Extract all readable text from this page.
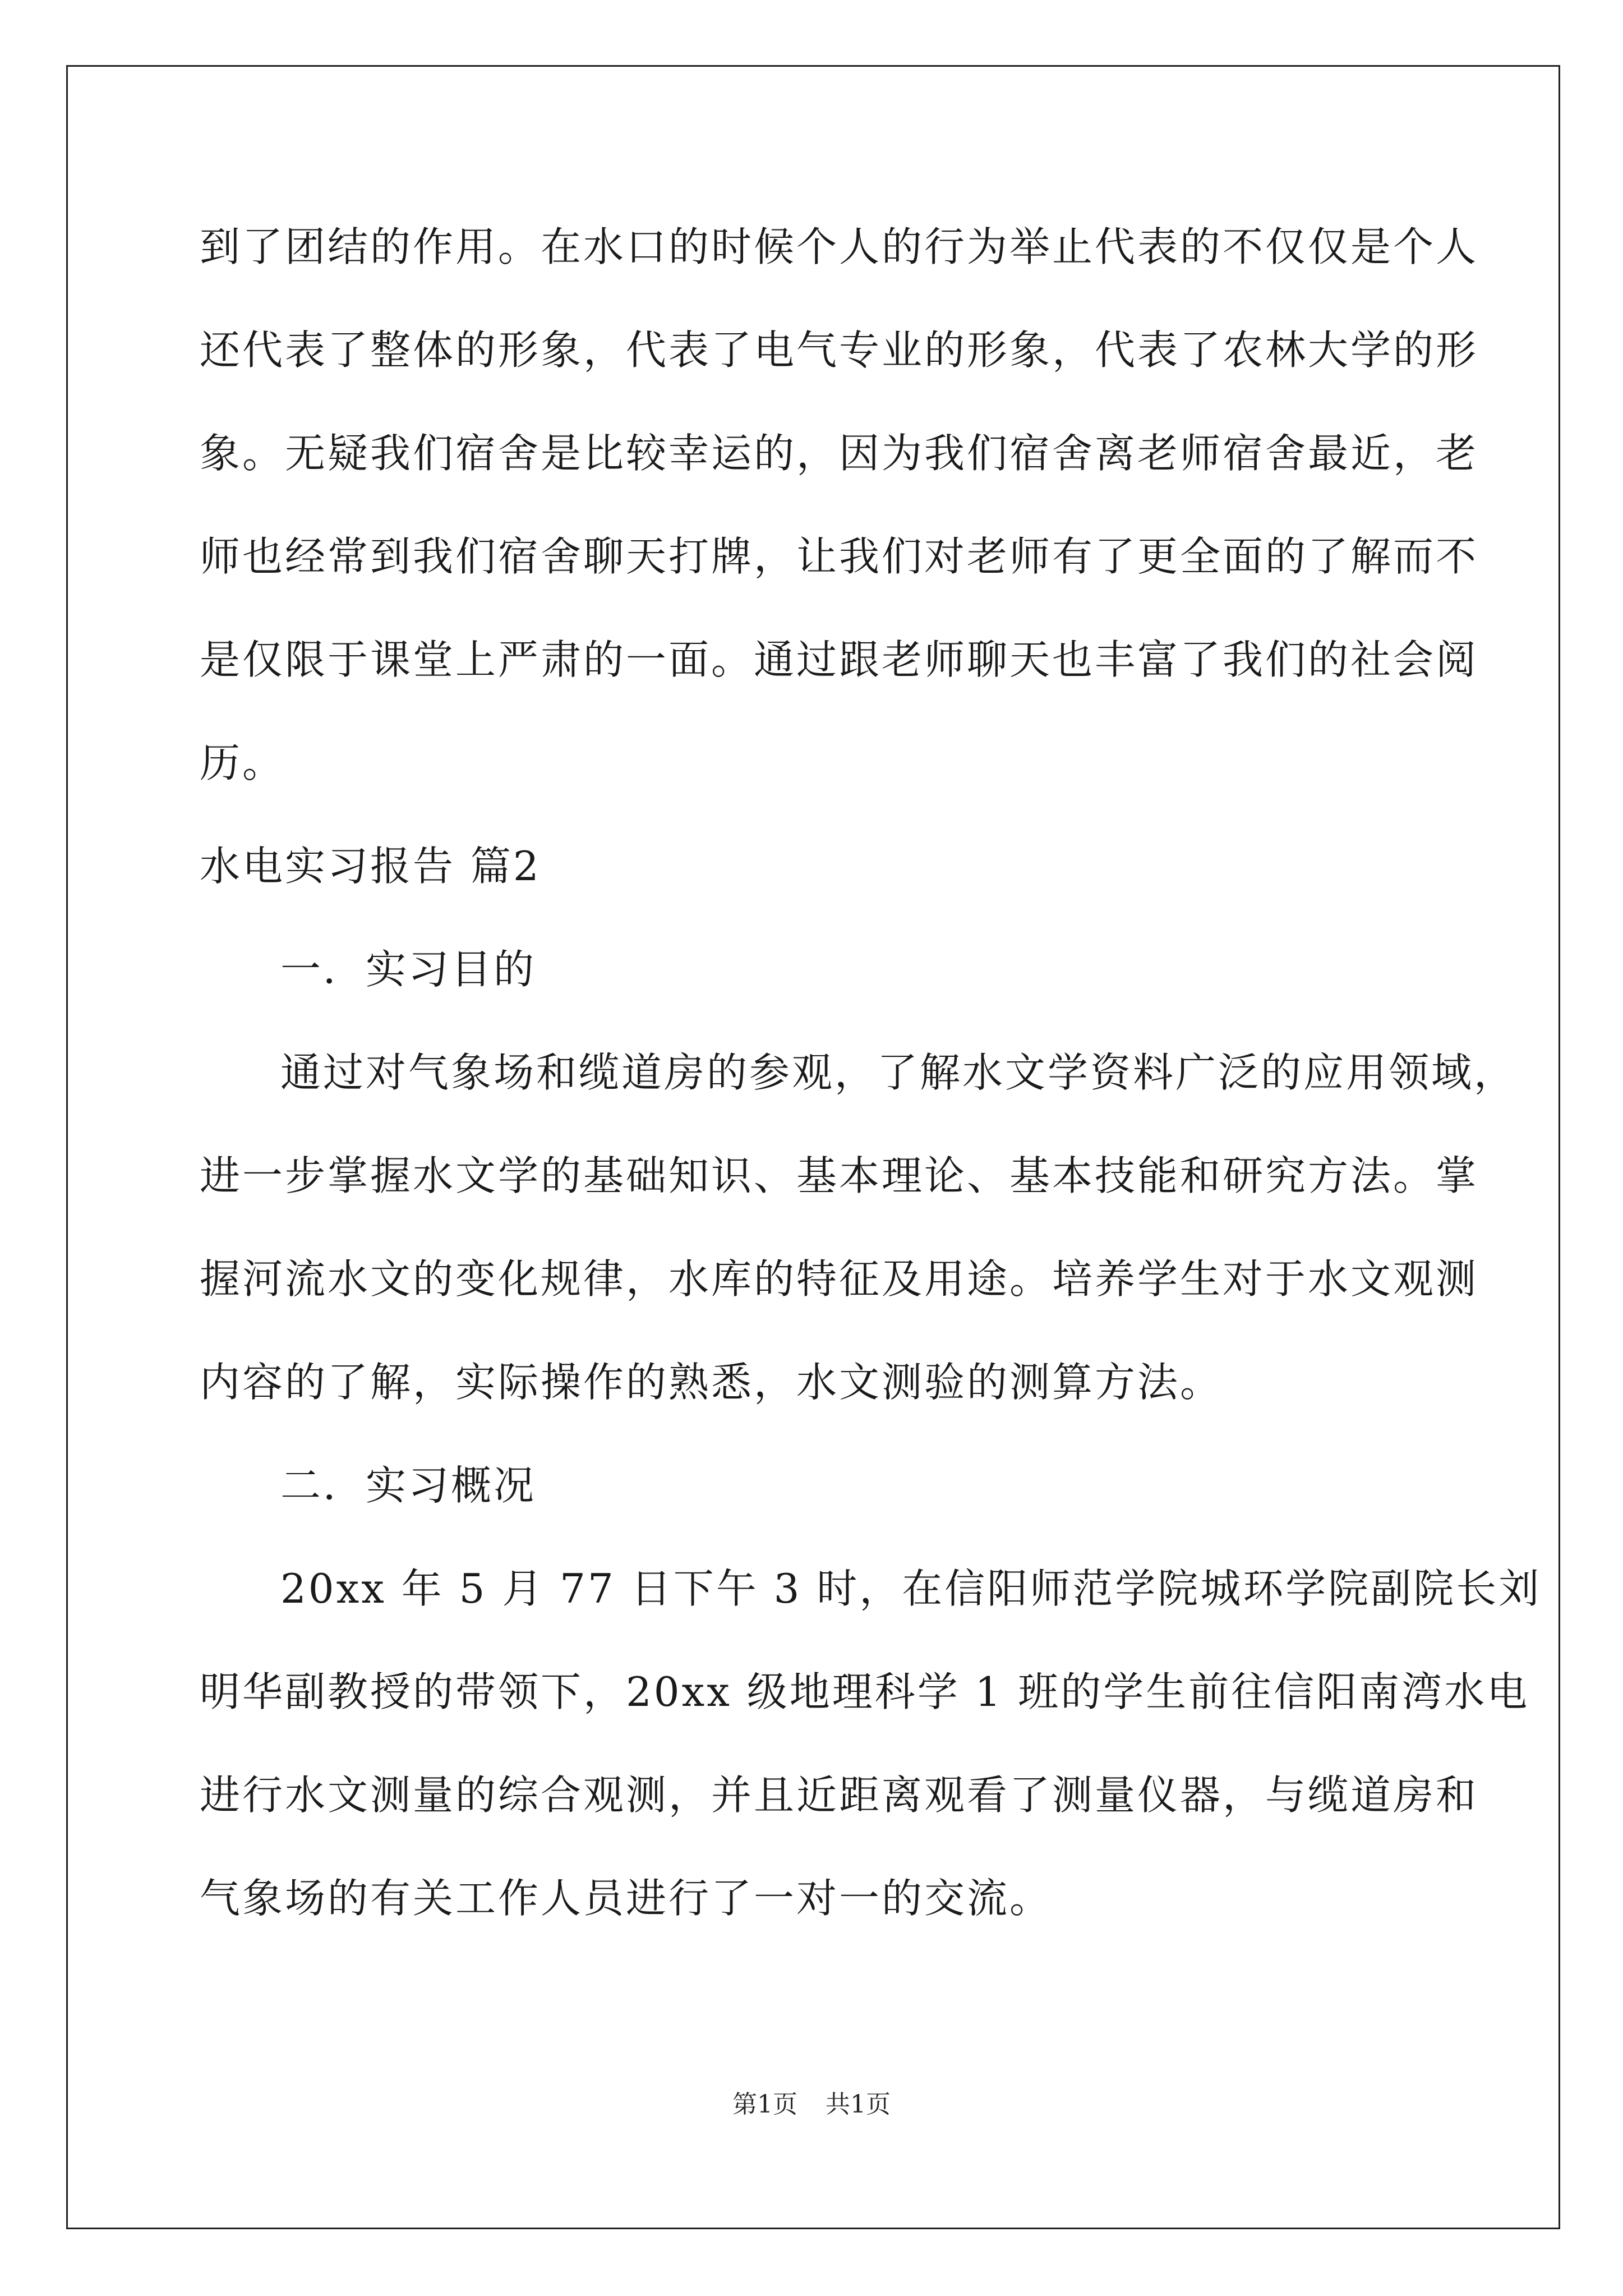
到了团结的作用。在水口的时候个人的行为举止代表的不仅仅是个人
还代表了整体的形象，代表了电气专业的形象，代表了农林大学的形
象。无疑我们宿舍是比较幸运的，因为我们宿舍离老师宿舍最近，老
师也经常到我们宿舍聊天打牌，让我们对老师有了更全面的了解而不
是仅限于课堂上严肃的一面。通过跟老师聊天也丰富了我们的社会阅
历。
水电实习报告 篇2
一．实习目的
通过对气象场和缆道房的参观，了解水文学资料广泛的应用领域，
进一步掌握水文学的基础知识、基本理论、基本技能和研究方法。掌
握河流水文的变化规律，水库的特征及用途。培养学生对于水文观测
内容的了解，实际操作的熟悉，水文测验的测算方法。
二．实习概况
20xx 年 5 月 77 日下午 3 时，在信阳师范学院城环学院副院长刘
明华副教授的带领下，20xx 级地理科学 1 班的学生前往信阳南湾水电
进行水文测量的综合观测，并且近距离观看了测量仪器，与缆道房和
气象场的有关工作人员进行了一对一的交流。
第1页 共1页
